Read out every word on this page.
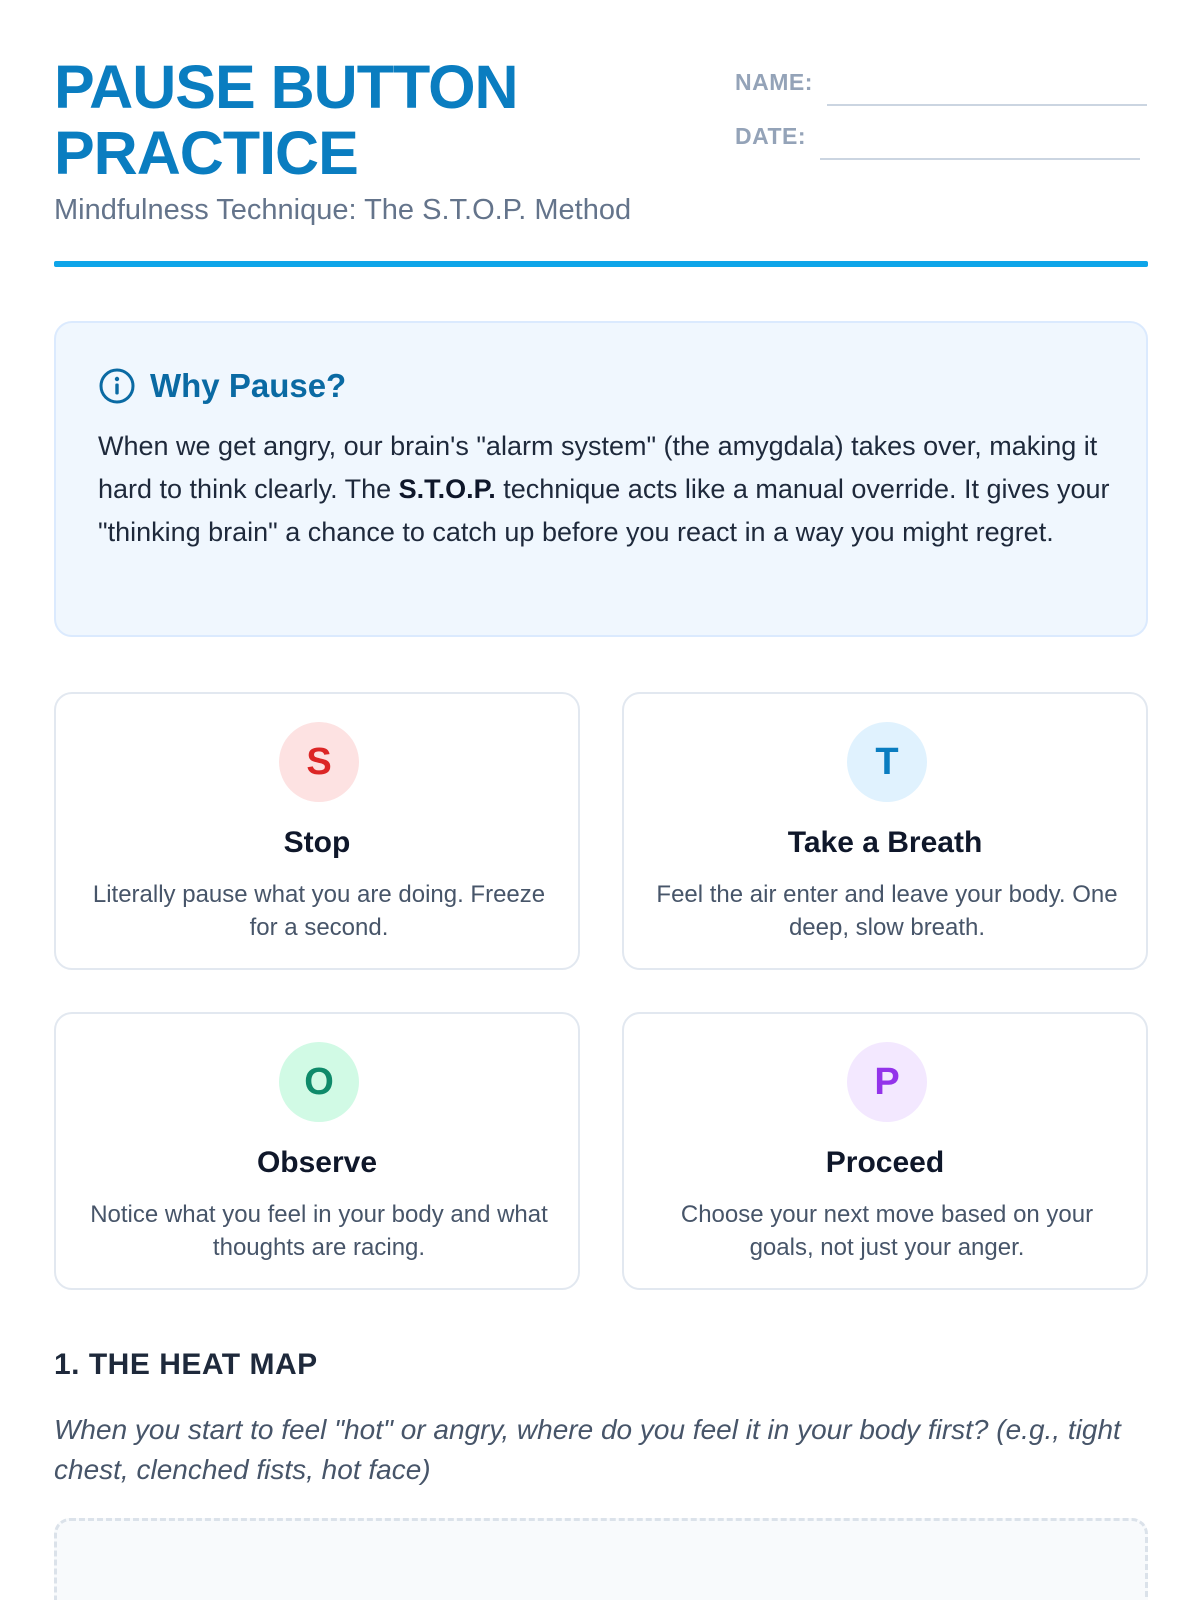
PAUSE BUTTON
PRACTICE
Mindfulness Technique: The S.T.O.P. Method
NAME:
DATE:
Why Pause?

When we get angry, our brain's "alarm system" (the amygdala) takes over, making it hard to think clearly. The S.T.O.P. technique acts like a manual override. It gives your "thinking brain" a chance to catch up before you react in a way you might regret.

S
Stop
Literally pause what you are doing. Freeze for a second.
T
Take a Breath
Feel the air enter and leave your body. One deep, slow breath.
O
Observe
Notice what you feel in your body and what thoughts are racing.
P
Proceed
Choose your next move based on your goals, not just your anger.
1. THE HEAT MAP

When you start to feel "hot" or angry, where do you feel it in your body first? (e.g., tight chest, clenched fists, hot face)
